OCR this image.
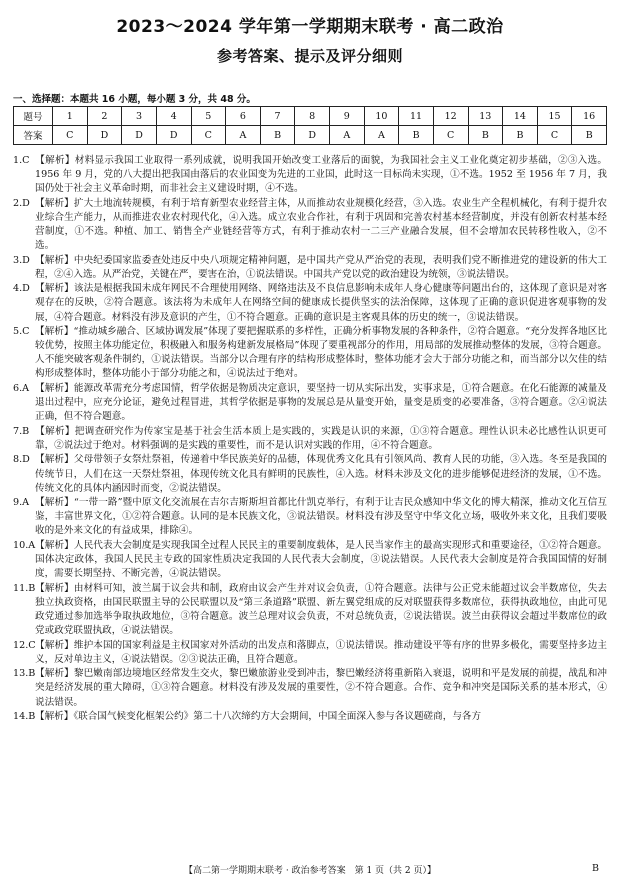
2023～2024 学年第一学期期末联考 · 高二政治
参考答案、提示及评分细则
一、选择题：本题共 16 小题，每小题 3 分，共 48 分。
题号	1	2	3	4	5	6	7	8	9	10	11	12	13	14	15	16
答案	C	D	D	D	C	A	B	D	A	A	B	C	B	B	C	B
1.C 【解析】材料显示我国工业取得一系列成就，说明我国开始改变工业落后的面貌，为我国社会主义工业化奠定初步基础，②③入选。1956 年 9 月，党的八大提出把我国由落后的农业国变为先进的工业国，此时这一目标尚未实现，①不选。1952 至 1956 年 7 月，我国仍处于社会主义革命时期，而非社会主义建设时期，④不选。
2.D 【解析】扩大土地流转规模，有利于培育新型农业经营主体，从而推动农业规模化经营，③入选。农业生产全程机械化，有利于提升农业综合生产能力，从而推进农业农村现代化，④入选。成立农业合作社，有利于巩固和完善农村基本经营制度，并没有创新农村基本经营制度，①不选。种植、加工、销售全产业链经营等方式，有利于推动农村一二三产业融合发展，但不会增加农民转移性收入，②不选。
3.D 【解析】中央纪委国家监委查处违反中央八项规定精神问题，是中国共产党从严治党的表现，表明我们党不断推进党的建设新的伟大工程，②④入选。从严治党，关键在严，要害在治，①说法错误。中国共产党以党的政治建设为统领，③说法错误。
4.D 【解析】该法是根据我国未成年网民不合理使用网络、网络违法及不良信息影响未成年人身心健康等问题出台的，这体现了意识是对客观存在的反映，②符合题意。该法将为未成年人在网络空间的健康成长提供坚实的法治保障，这体现了正确的意识促进客观事物的发展，④符合题意。材料没有涉及意识的产生，①不符合题意。正确的意识是主客观具体的历史的统一，③说法错误。
5.C 【解析】“推动城乡融合、区域协调发展”体现了要把握联系的多样性，正确分析事物发展的各种条件，②符合题意。“充分发挥各地区比较优势，按照主体功能定位，积极融入和服务构建新发展格局”体现了要重视部分的作用，用局部的发展推动整体的发展，③符合题意。人不能突破客观条件制约，①说法错误。当部分以合理有序的结构形成整体时，整体功能才会大于部分功能之和，而当部分以欠佳的结构形成整体时，整体功能小于部分功能之和，④说法过于绝对。
6.A 【解析】能源改革需充分考虑国情，哲学依据是物质决定意识，要坚持一切从实际出发，实事求是，①符合题意。在化石能源的减量及退出过程中，应充分论证，避免过程冒进，其哲学依据是事物的发展总是从量变开始，量变是质变的必要准备，③符合题意。②④说法正确，但不符合题意。
7.B 【解析】把调查研究作为传家宝是基于社会生活本质上是实践的，实践是认识的来源，①③符合题意。理性认识未必比感性认识更可靠，②说法过于绝对。材料强调的是实践的重要性，而不是认识对实践的作用，④不符合题意。
8.D 【解析】父母带领子女祭灶祭祖，传递着中华民族美好的品德，体现优秀文化具有引领风尚、教育人民的功能，③入选。冬至是我国的传统节日，人们在这一天祭灶祭祖，体现传统文化具有鲜明的民族性，④入选。材料未涉及文化的进步能够促进经济的发展，①不选。传统文化的具体内涵因时而变，②说法错误。
9.A 【解析】“一带一路”暨中原文化交流展在吉尔吉斯斯坦首都比什凯克举行，有利于让吉民众感知中华文化的博大精深，推动文化互信互鉴，丰富世界文化，①②符合题意。认同的是本民族文化，③说法错误。材料没有涉及坚守中华文化立场，吸收外来文化，且我们要吸收的是外来文化的有益成果，排除④。
10.A【解析】人民代表大会制度是实现我国全过程人民民主的重要制度载体，是人民当家作主的最高实现形式和重要途径，①②符合题意。国体决定政体，我国人民民主专政的国家性质决定我国的人民代表大会制度，③说法错误。人民代表大会制度是符合我国国情的好制度，需要长期坚持、不断完善，④说法错误。
11.B【解析】由材料可知，波兰属于议会共和制，政府由议会产生并对议会负责，①符合题意。法律与公正党未能超过议会半数席位，失去独立执政资格，由国民联盟主导的公民联盟以及“第三条道路”联盟、新左翼党组成的反对联盟获得多数席位，获得执政地位，由此可见政党通过参加选举争取执政地位，③符合题意。波兰总理对议会负责，不对总统负责，②说法错误。波兰由获得议会超过半数席位的政党或政党联盟执政，④说法错误。
12.C【解析】维护本国的国家利益是主权国家对外活动的出发点和落脚点，①说法错误。推动建设平等有序的世界多极化，需要坚持多边主义，反对单边主义，④说法错误。②③说法正确，且符合题意。
13.B【解析】黎巴嫩南部边境地区经常发生交火，黎巴嫩旅游业受到冲击，黎巴嫩经济将重新陷入衰退，说明和平是发展的前提，战乱和冲突是经济发展的重大障碍，①③符合题意。材料没有涉及发展的重要性，②不符合题意。合作、竞争和冲突是国际关系的基本形式，④说法错误。
14.B【解析】《联合国气候变化框架公约》第二十八次缔约方大会期间，中国全面深入参与各议题磋商，与各方
【高二第一学期期末联考 · 政治参考答案　第 1 页（共 2 页）】	B
